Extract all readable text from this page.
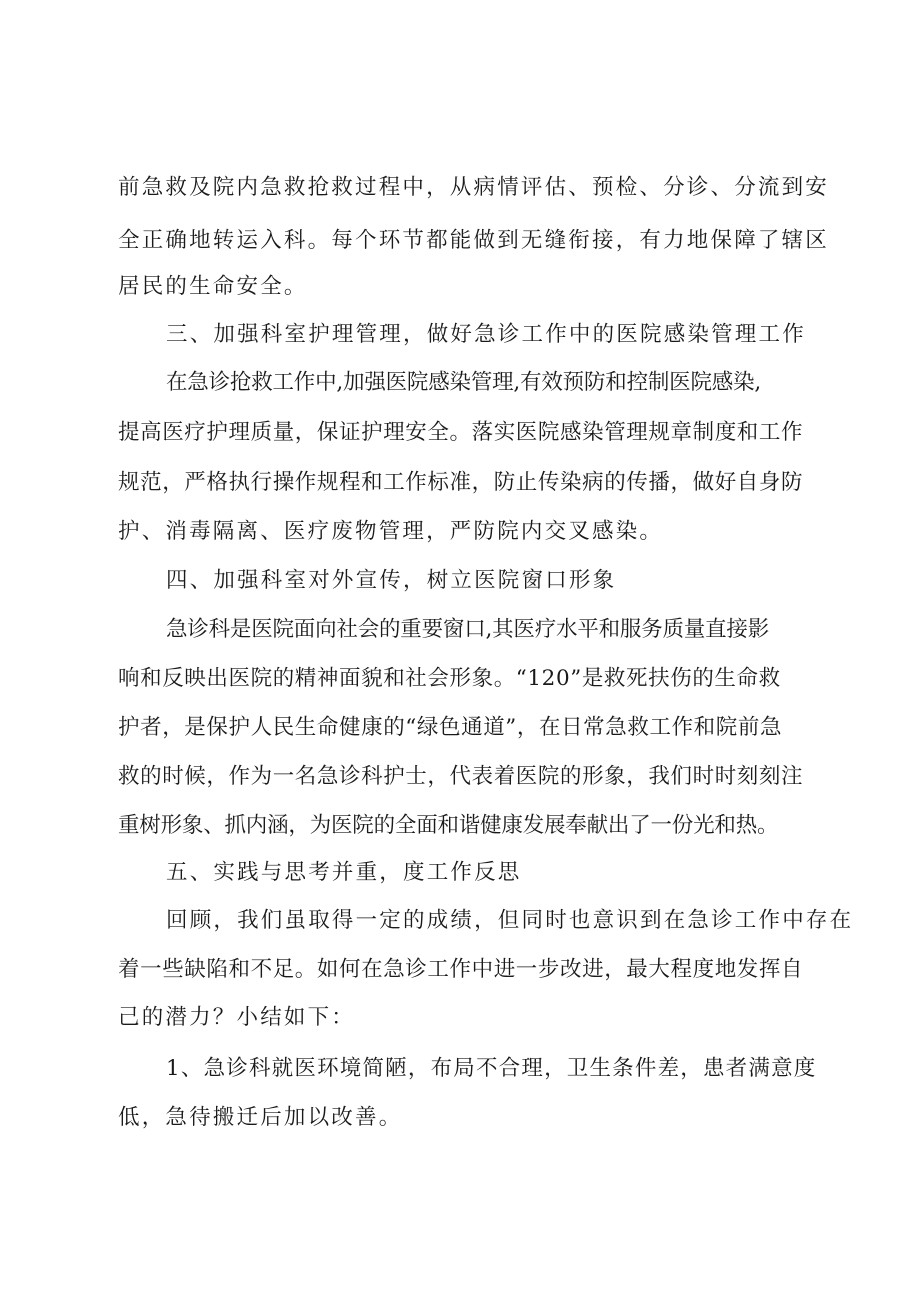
前急救及院内急救抢救过程中，从病情评估、预检、分诊、分流到安
全正确地转运入科。每个环节都能做到无缝衔接，有力地保障了辖区
居民的生命安全。
三、加强科室护理管理，做好急诊工作中的医院感染管理工作
在急诊抢救工作中,加强医院感染管理,有效预防和控制医院感染,
提高医疗护理质量，保证护理安全。落实医院感染管理规章制度和工作
规范，严格执行操作规程和工作标准，防止传染病的传播，做好自身防
护、消毒隔离、医疗废物管理，严防院内交叉感染。
四、加强科室对外宣传，树立医院窗口形象
急诊科是医院面向社会的重要窗口,其医疗水平和服务质量直接影
响和反映出医院的精神面貌和社会形象。“120”是救死扶伤的生命救
护者，是保护人民生命健康的“绿色通道”，在日常急救工作和院前急
救的时候，作为一名急诊科护士，代表着医院的形象，我们时时刻刻注
重树形象、抓内涵，为医院的全面和谐健康发展奉献出了一份光和热。
五、实践与思考并重，度工作反思
回顾，我们虽取得一定的成绩，但同时也意识到在急诊工作中存在
着一些缺陷和不足。如何在急诊工作中进一步改进，最大程度地发挥自
己的潜力？小结如下：
1、急诊科就医环境简陋，布局不合理，卫生条件差，患者满意度
低，急待搬迁后加以改善。
